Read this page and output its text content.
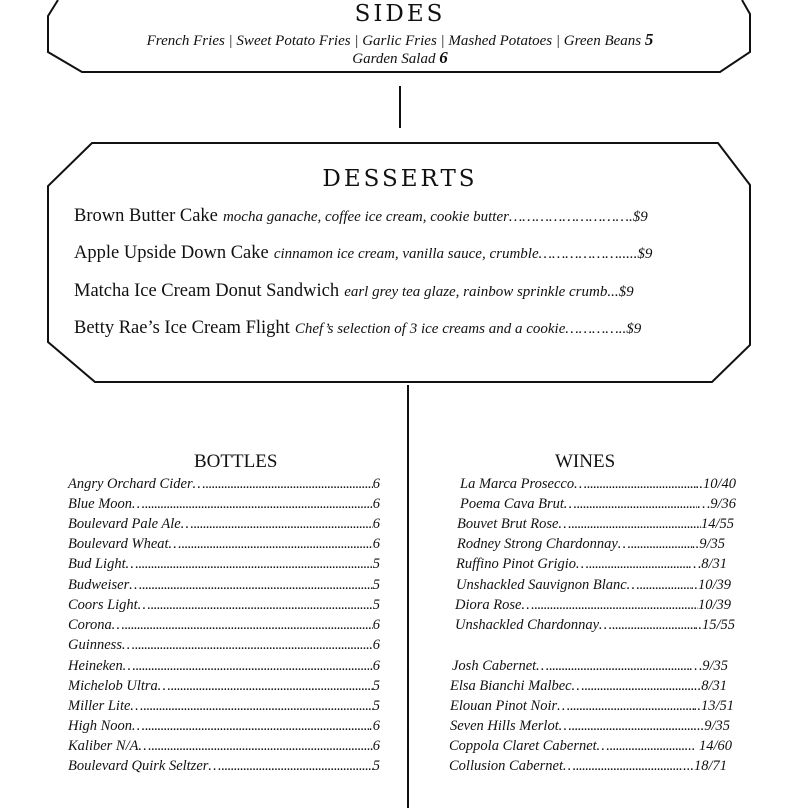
SIDES
French Fries | Sweet Potato Fries | Garlic Fries | Mashed Potatoes | Green Beans 5
Garden Salad 6
DESSERTS
Brown Butter Cake mocha ganache, coffee ice cream, cookie butter……………………….$9
Apple Upside Down Cake cinnamon ice cream, vanilla sauce, crumble……………….....$9
Matcha Ice Cream Donut Sandwich earl grey tea glaze, rainbow sprinkle crumb...$9
Betty Rae’s Ice Cream Flight Chef’s selection of 3 ice creams and a cookie…………..$9
BOTTLES
Angry Orchard Cider… .....	6
Blue Moon… .....	6
Boulevard Pale Ale… .....	6
Boulevard Wheat… .....	6
Bud Light… .....	5
Budweiser… .....	5
Coors Light… .....	5
Corona… .....	6
Guinness… .....	6
Heineken… .....	6
Michelob Ultra… .....	5
Miller Lite… .....	5
High Noon… .....	.6
Kaliber N/A… .....	6
Boulevard Quirk Seltzer… .....	5
WINES
La Marca Prosecco… .....	..10/40
Poema Cava Brut… .....	…9/36
Bouvet Brut Rose… .....	14/55
Rodney Strong Chardonnay… .....	..9/35
Ruffino Pinot Grigio… .....	…8/31
Unshackled Sauvignon Blanc… .....	..10/39
Diora Rose… .....	10/39
Unshackled Chardonnay… .....	..15/55
Josh Cabernet… .....	…9/35
Elsa Bianchi Malbec… .....	..8/31
Elouan Pinot Noir… .....	..13/51
Seven Hills Merlot… .....	..9/35
Coppola Claret Cabernet… .....	.. 14/60
Collusion Cabernet… .....	...18/71
